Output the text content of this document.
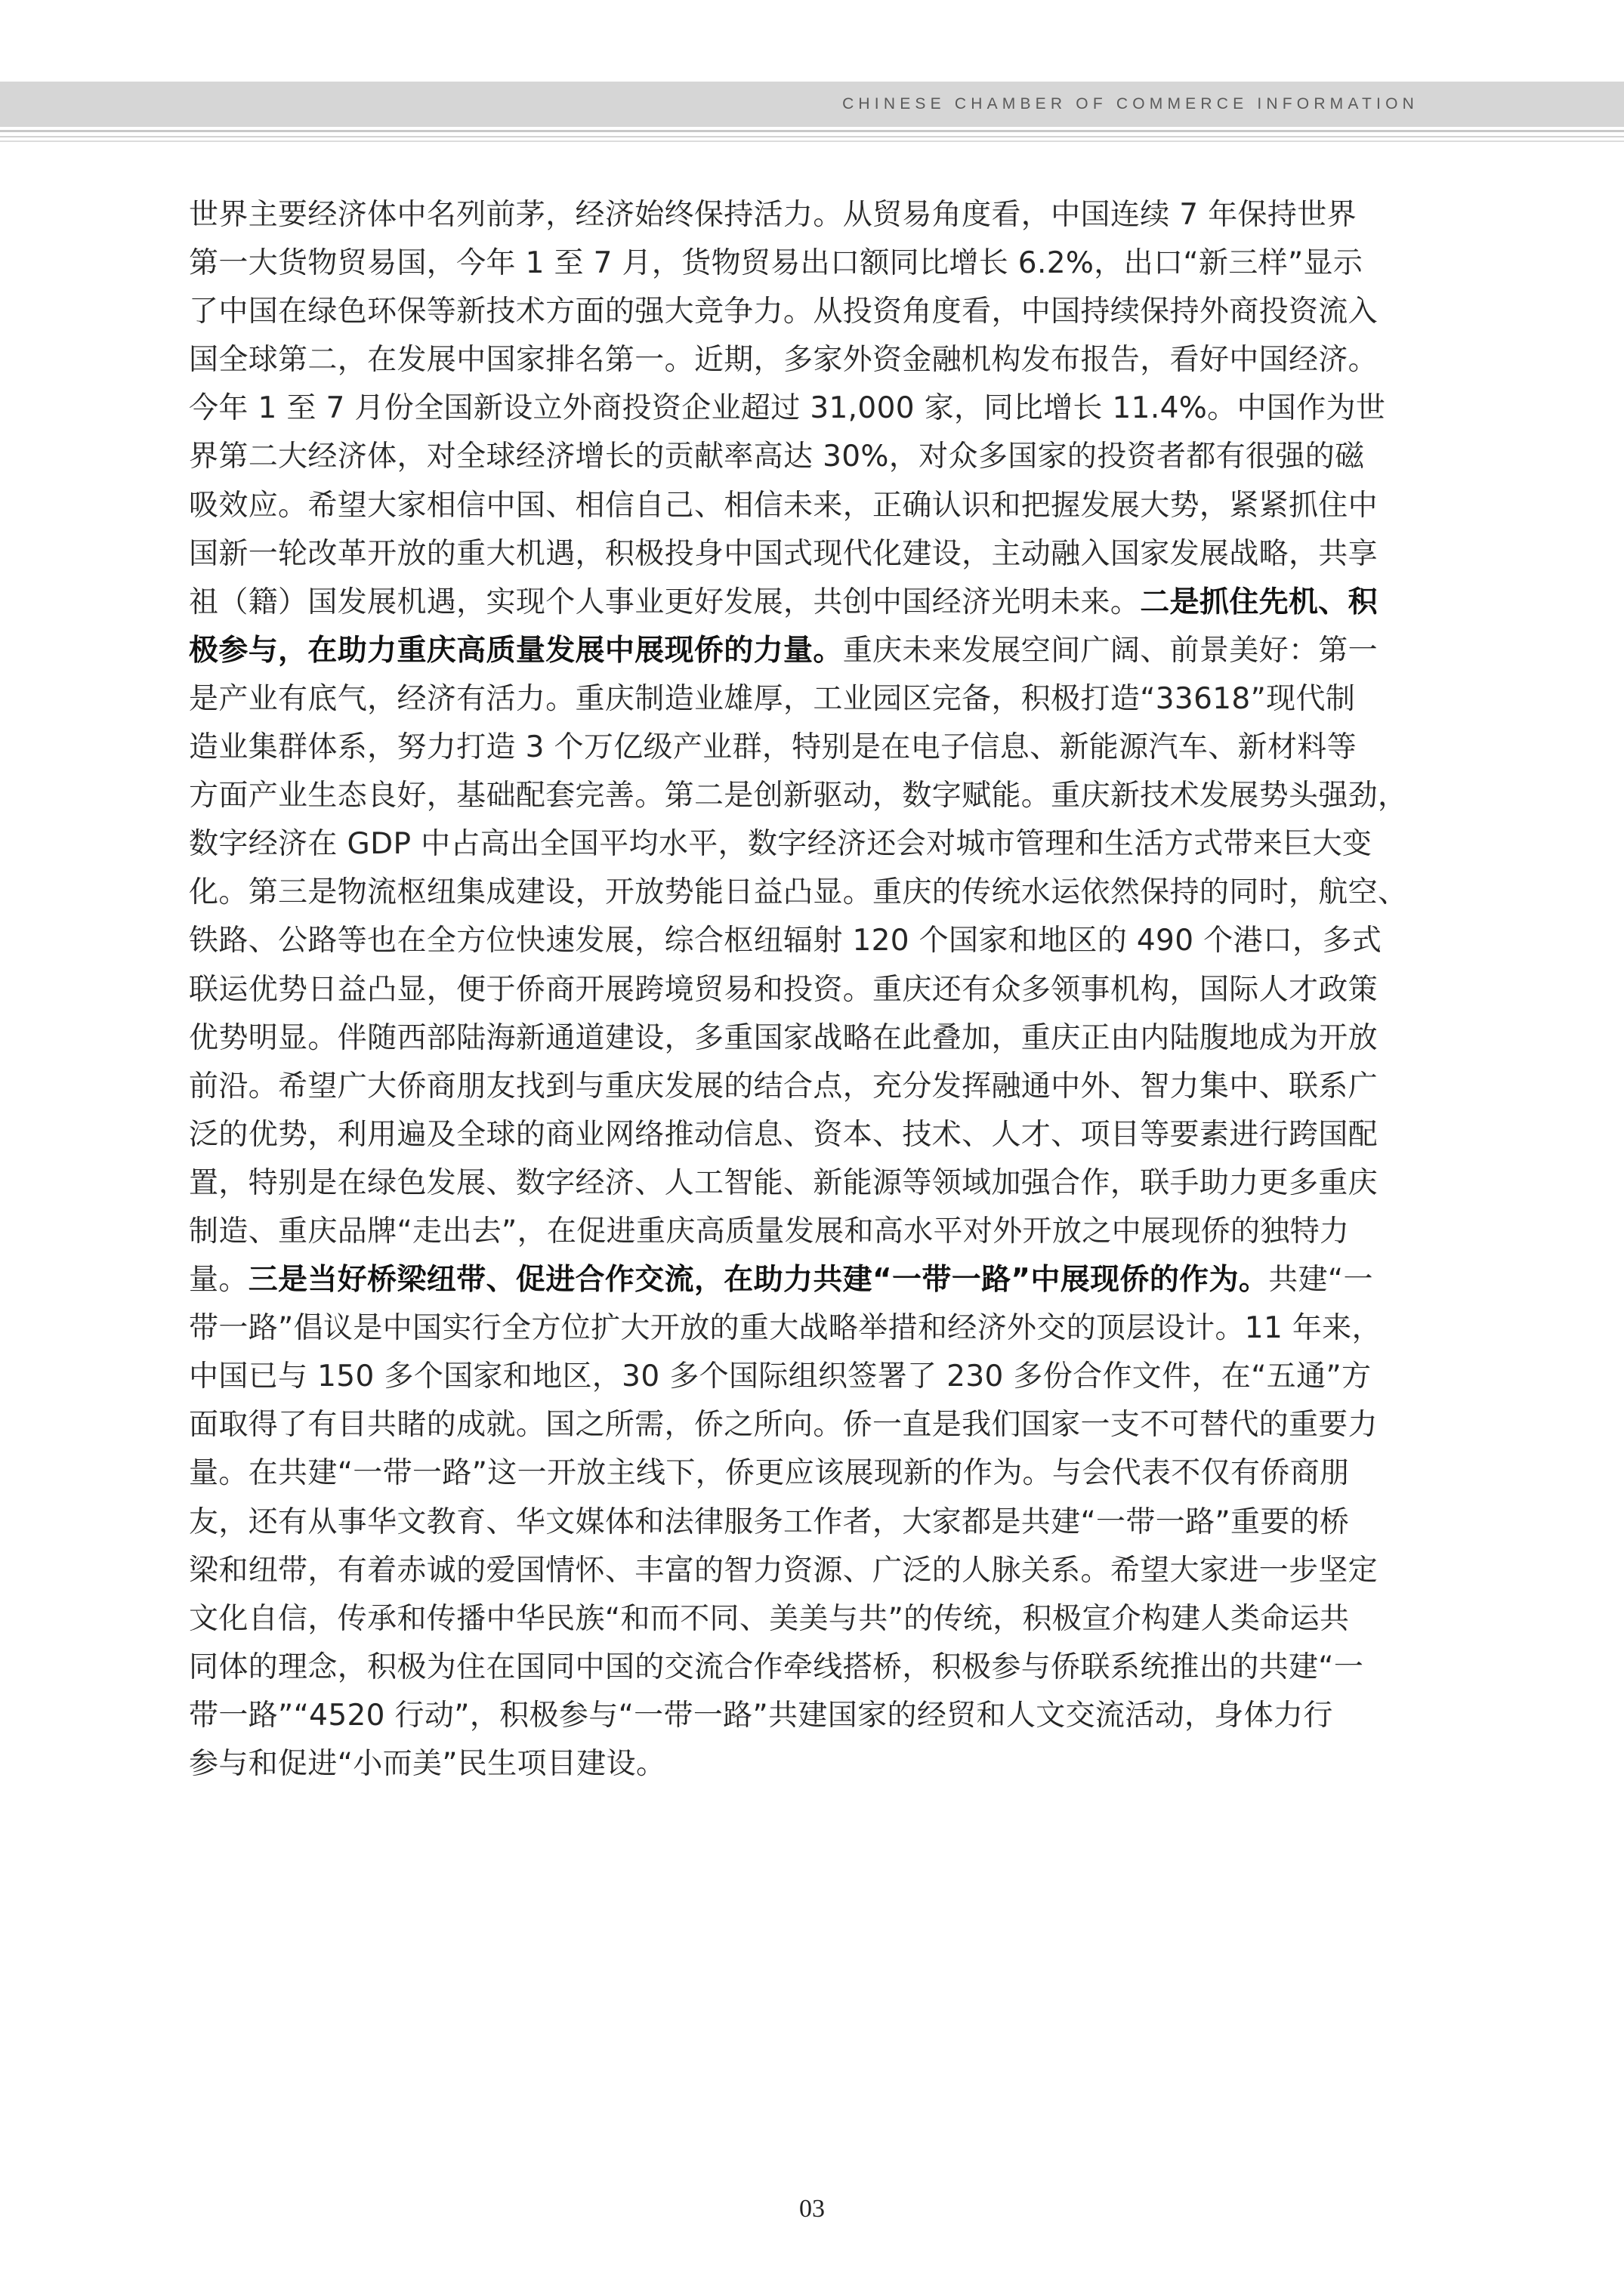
CHINESE CHAMBER OF COMMERCE INFORMATION
世界主要经济体中名列前茅，经济始终保持活力。从贸易角度看，中国连续 7 年保持世界
第一大货物贸易国，今年 1 至 7 月，货物贸易出口额同比增长 6.2%，出口“新三样”显示
了中国在绿色环保等新技术方面的强大竞争力。从投资角度看，中国持续保持外商投资流入
国全球第二，在发展中国家排名第一。近期，多家外资金融机构发布报告，看好中国经济。
今年 1 至 7 月份全国新设立外商投资企业超过 31,000 家，同比增长 11.4%。中国作为世
界第二大经济体，对全球经济增长的贡献率高达 30%，对众多国家的投资者都有很强的磁
吸效应。希望大家相信中国、相信自己、相信未来，正确认识和把握发展大势，紧紧抓住中
国新一轮改革开放的重大机遇，积极投身中国式现代化建设，主动融入国家发展战略，共享
祖（籍）国发展机遇，实现个人事业更好发展，共创中国经济光明未来。二是抓住先机、积
极参与，在助力重庆高质量发展中展现侨的力量。重庆未来发展空间广阔、前景美好：第一
是产业有底气，经济有活力。重庆制造业雄厚，工业园区完备，积极打造“33618”现代制
造业集群体系，努力打造 3 个万亿级产业群，特别是在电子信息、新能源汽车、新材料等
方面产业生态良好，基础配套完善。第二是创新驱动，数字赋能。重庆新技术发展势头强劲，
数字经济在 GDP 中占高出全国平均水平，数字经济还会对城市管理和生活方式带来巨大变
化。第三是物流枢纽集成建设，开放势能日益凸显。重庆的传统水运依然保持的同时，航空、
铁路、公路等也在全方位快速发展，综合枢纽辐射 120 个国家和地区的 490 个港口，多式
联运优势日益凸显，便于侨商开展跨境贸易和投资。重庆还有众多领事机构，国际人才政策
优势明显。伴随西部陆海新通道建设，多重国家战略在此叠加，重庆正由内陆腹地成为开放
前沿。希望广大侨商朋友找到与重庆发展的结合点，充分发挥融通中外、智力集中、联系广
泛的优势，利用遍及全球的商业网络推动信息、资本、技术、人才、项目等要素进行跨国配
置，特别是在绿色发展、数字经济、人工智能、新能源等领域加强合作，联手助力更多重庆
制造、重庆品牌“走出去”，在促进重庆高质量发展和高水平对外开放之中展现侨的独特力
量。三是当好桥梁纽带、促进合作交流，在助力共建“一带一路”中展现侨的作为。共建“一
带一路”倡议是中国实行全方位扩大开放的重大战略举措和经济外交的顶层设计。11 年来，
中国已与 150 多个国家和地区，30 多个国际组织签署了 230 多份合作文件，在“五通”方
面取得了有目共睹的成就。国之所需，侨之所向。侨一直是我们国家一支不可替代的重要力
量。在共建“一带一路”这一开放主线下，侨更应该展现新的作为。与会代表不仅有侨商朋
友，还有从事华文教育、华文媒体和法律服务工作者，大家都是共建“一带一路”重要的桥
梁和纽带，有着赤诚的爱国情怀、丰富的智力资源、广泛的人脉关系。希望大家进一步坚定
文化自信，传承和传播中华民族“和而不同、美美与共”的传统，积极宣介构建人类命运共
同体的理念，积极为住在国同中国的交流合作牵线搭桥，积极参与侨联系统推出的共建“一
带一路”“4520 行动”，积极参与“一带一路”共建国家的经贸和人文交流活动，身体力行
参与和促进“小而美”民生项目建设。
03
